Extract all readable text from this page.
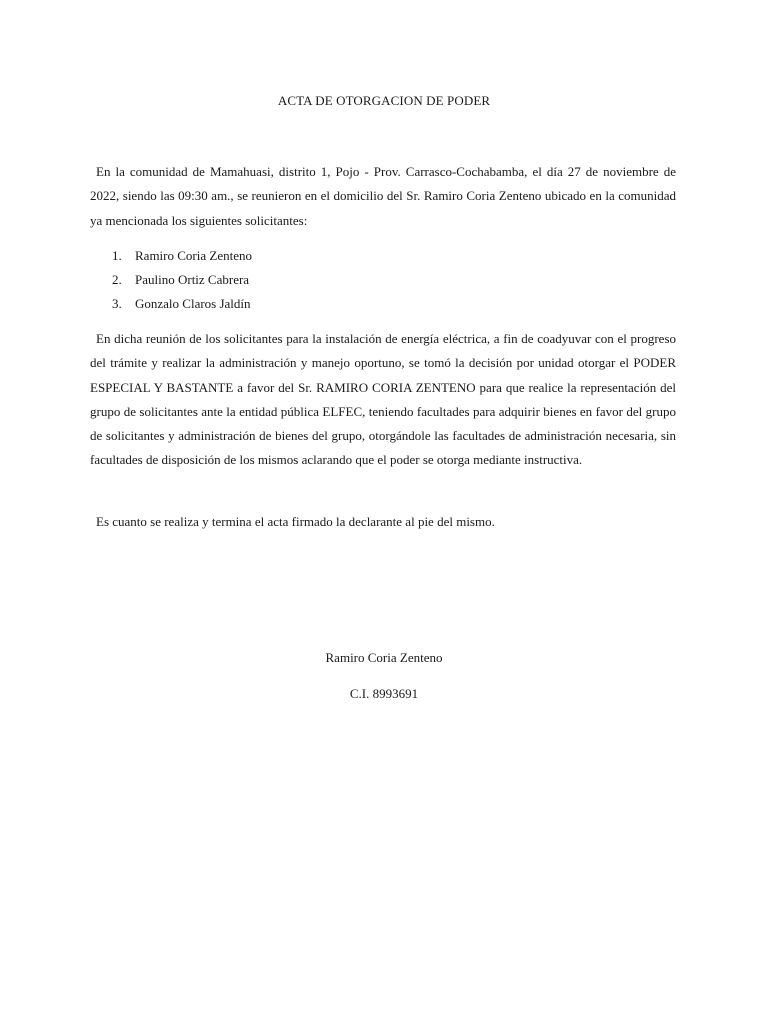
ACTA DE OTORGACION DE PODER

En la comunidad de Mamahuasi, distrito 1, Pojo - Prov. Carrasco-Cochabamba, el día 27 de noviembre de 2022, siendo las 09:30 am., se reunieron en el domicilio del Sr. Ramiro Coria Zenteno ubicado en la comunidad ya mencionada los siguientes solicitantes:

1.	Ramiro Coria Zenteno
2.	Paulino Ortiz Cabrera
3.	Gonzalo Claros Jaldín

En dicha reunión de los solicitantes para la instalación de energía eléctrica, a fin de coadyuvar con el progreso del trámite y realizar la administración y manejo oportuno, se tomó la decisión por unidad otorgar el PODER ESPECIAL Y BASTANTE a favor del Sr. RAMIRO CORIA ZENTENO para que realice la representación del grupo de solicitantes ante la entidad pública ELFEC, teniendo facultades para adquirir bienes en favor del grupo de solicitantes y administración de bienes del grupo, otorgándole las facultades de administración necesaria, sin facultades de disposición de los mismos aclarando que el poder se otorga mediante instructiva.

Es cuanto se realiza y termina el acta firmado la declarante al pie del mismo.

Ramiro Coria Zenteno
C.I. 8993691
